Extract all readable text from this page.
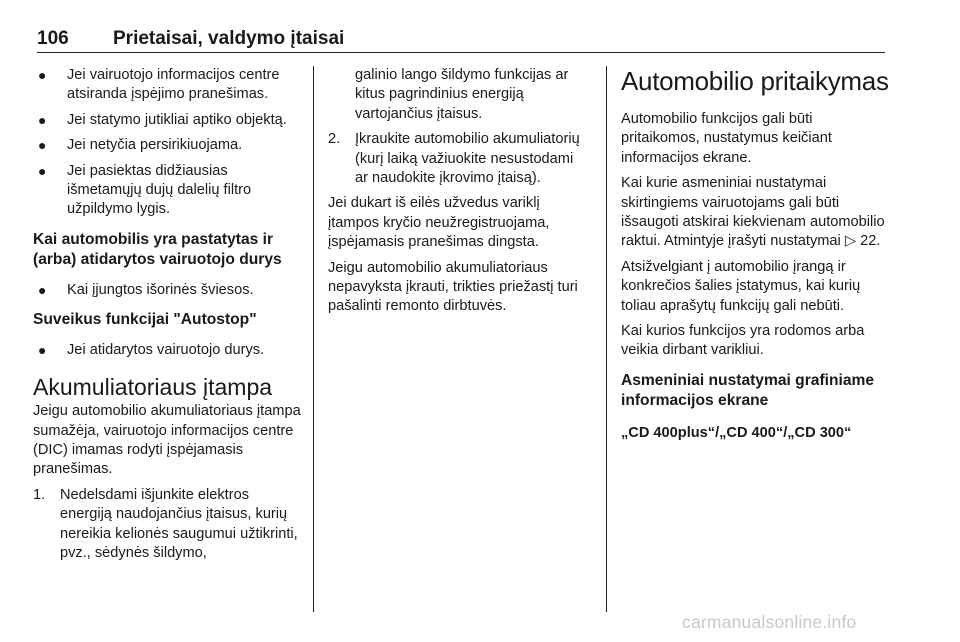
106 Prietaisai, valdymo įtaisai
● Jei vairuotojo informacijos centre atsiranda įspėjimo pranešimas.
● Jei statymo jutikliai aptiko objektą.
● Jei netyčia persirikiuojama.
● Jei pasiektas didžiausias išmetamųjų dujų dalelių filtro užpildymo lygis.
Kai automobilis yra pastatytas ir (arba) atidarytos vairuotojo durys
● Kai įjungtos išorinės šviesos.
Suveikus funkcijai "Autostop"
● Jei atidarytos vairuotojo durys.
Akumuliatoriaus įtampa

Jeigu automobilio akumuliatoriaus įtampa sumažėja, vairuotojo informacijos centre (DIC) imamas rodyti įspėjamasis pranešimas.

1. Nedelsdami išjunkite elektros energiją naudojančius įtaisus, kurių nereikia kelionės saugumui užtikrinti, pvz., sėdynės šildymo,
galinio lango šildymo funkcijas ar kitus pagrindinius energiją vartojančius įtaisus.
2. Įkraukite automobilio akumuliatorių (kurį laiką važiuokite nesustodami ar naudokite įkrovimo įtaisą).

Jei dukart iš eilės užvedus variklį įtampos kryčio neužregistruojama, įspėjamasis pranešimas dingsta.

Jeigu automobilio akumuliatoriaus nepavyksta įkrauti, trikties priežastį turi pašalinti remonto dirbtuvės.

Automobilio pritaikymas

Automobilio funkcijos gali būti pritaikomos, nustatymus keičiant informacijos ekrane.

Kai kurie asmeniniai nustatymai skirtingiems vairuotojams gali būti išsaugoti atskirai kiekvienam automobilio raktui. Atmintyje įrašyti nustatymai ▷ 22.

Atsižvelgiant į automobilio įrangą ir konkrečios šalies įstatymus, kai kurių toliau aprašytų funkcijų gali nebūti.

Kai kurios funkcijos yra rodomos arba veikia dirbant varikliui.

Asmeniniai nustatymai grafiniame informacijos ekrane
„CD 400plus“/„CD 400“/„CD 300“
carmanualsonline.info
